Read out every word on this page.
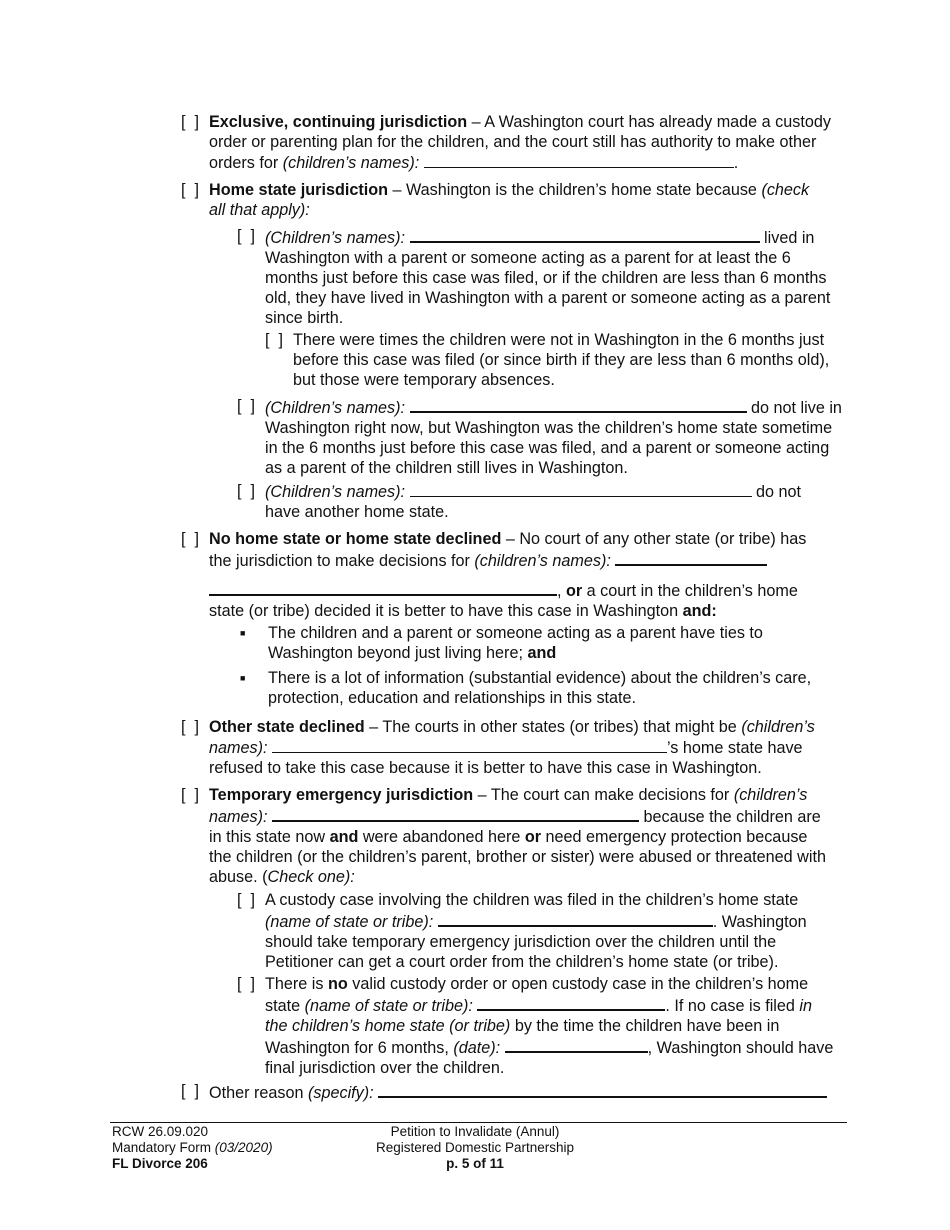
[  ] Exclusive, continuing jurisdiction – A Washington court has already made a custody order or parenting plan for the children, and the court still has authority to make other orders for (children’s names):	.
[  ] Home state jurisdiction – Washington is the children’s home state because (check all that apply):
[  ] (Children’s names):	lived in Washington with a parent or someone acting as a parent for at least the 6 months just before this case was filed, or if the children are less than 6 months old, they have lived in Washington with a parent or someone acting as a parent since birth.
[  ] There were times the children were not in Washington in the 6 months just before this case was filed (or since birth if they are less than 6 months old), but those were temporary absences.
[  ] (Children’s names):	do not live in Washington right now, but Washington was the children’s home state sometime in the 6 months just before this case was filed, and a parent or someone acting as a parent of the children still lives in Washington.
[  ] (Children’s names):	do not have another home state.
[  ] No home state or home state declined – No court of any other state (or tribe) has the jurisdiction to make decisions for (children’s names):
, or a court in the children’s home state (or tribe) decided it is better to have this case in Washington and:
■	The children and a parent or someone acting as a parent have ties to Washington beyond just living here; and
■	There is a lot of information (substantial evidence) about the children’s care, protection, education and relationships in this state.
[  ] Other state declined – The courts in other states (or tribes) that might be (children’s names):	’s home state have refused to take this case because it is better to have this case in Washington.
[  ] Temporary emergency jurisdiction – The court can make decisions for (children’s names):	because the children are in this state now and were abandoned here or need emergency protection because the children (or the children’s parent, brother or sister) were abused or threatened with abuse. (Check one):
[  ] A custody case involving the children was filed in the children’s home state (name of state or tribe):	. Washington should take temporary emergency jurisdiction over the children until the Petitioner can get a court order from the children’s home state (or tribe).
[  ] There is no valid custody order or open custody case in the children’s home state (name of state or tribe):	. If no case is filed in the children’s home state (or tribe) by the time the children have been in Washington for 6 months, (date):	, Washington should have final jurisdiction over the children.
[  ] Other reason (specify):
RCW 26.09.020
Mandatory Form (03/2020)
FL Divorce 206
Petition to Invalidate (Annul)
Registered Domestic Partnership
p. 5 of 11
